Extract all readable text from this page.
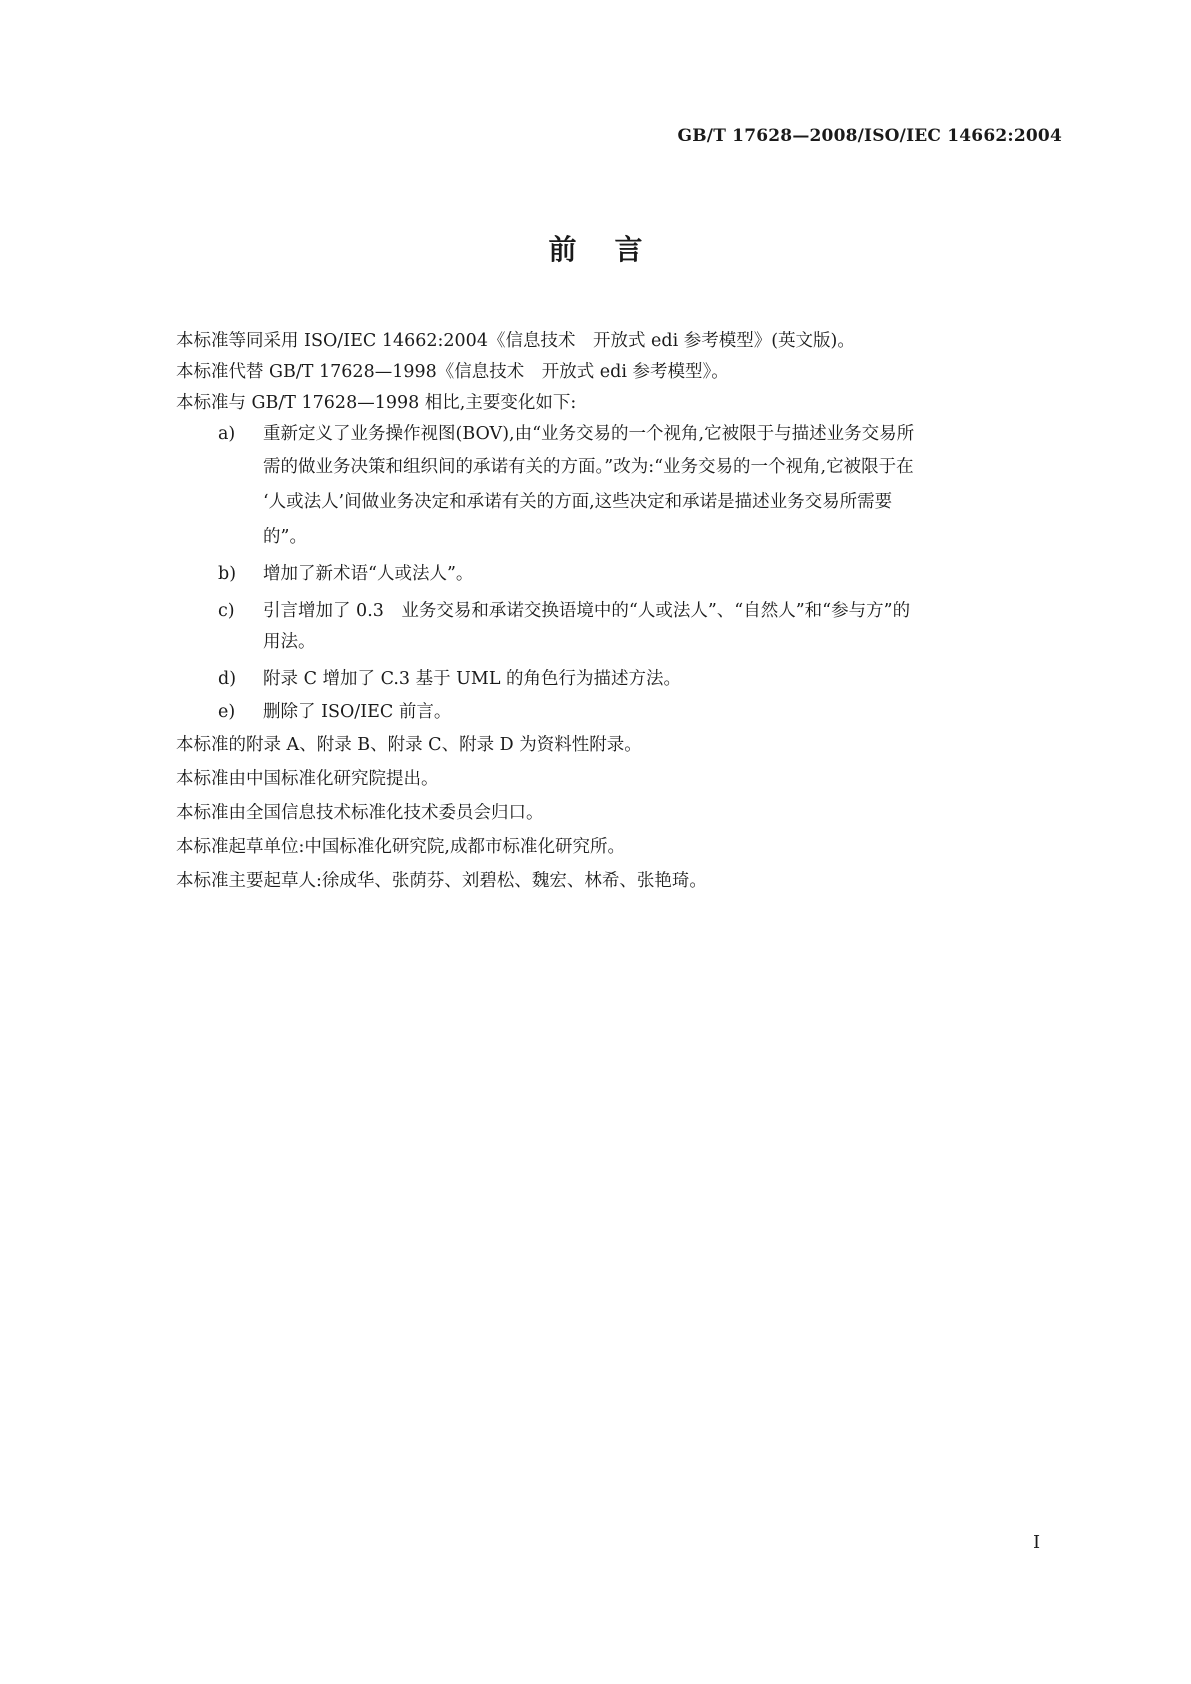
GB/T 17628—2008/ISO/IEC 14662:2004
前言

本标准等同采用 ISO/IEC 14662:2004《信息技术　开放式 edi 参考模型》(英文版)。

本标准代替 GB/T 17628—1998《信息技术　开放式 edi 参考模型》。

本标准与 GB/T 17628—1998 相比,主要变化如下:

a)	重新定义了业务操作视图(BOV),由“业务交易的一个视角,它被限于与描述业务交易所

需的做业务决策和组织间的承诺有关的方面。”改为:“业务交易的一个视角,它被限于在

‘人或法人’间做业务决定和承诺有关的方面,这些决定和承诺是描述业务交易所需要

的”。

b)	增加了新术语“人或法人”。
c)	引言增加了 0.3　业务交易和承诺交换语境中的“人或法人”、“自然人”和“参与方”的

用法。

d)	附录 C 增加了 C.3 基于 UML 的角色行为描述方法。
e)	删除了 ISO/IEC 前言。

本标准的附录 A、附录 B、附录 C、附录 D 为资料性附录。

本标准由中国标准化研究院提出。

本标准由全国信息技术标准化技术委员会归口。

本标准起草单位:中国标准化研究院,成都市标准化研究所。

本标准主要起草人:徐成华、张荫芬、刘碧松、魏宏、林希、张艳琦。

I
